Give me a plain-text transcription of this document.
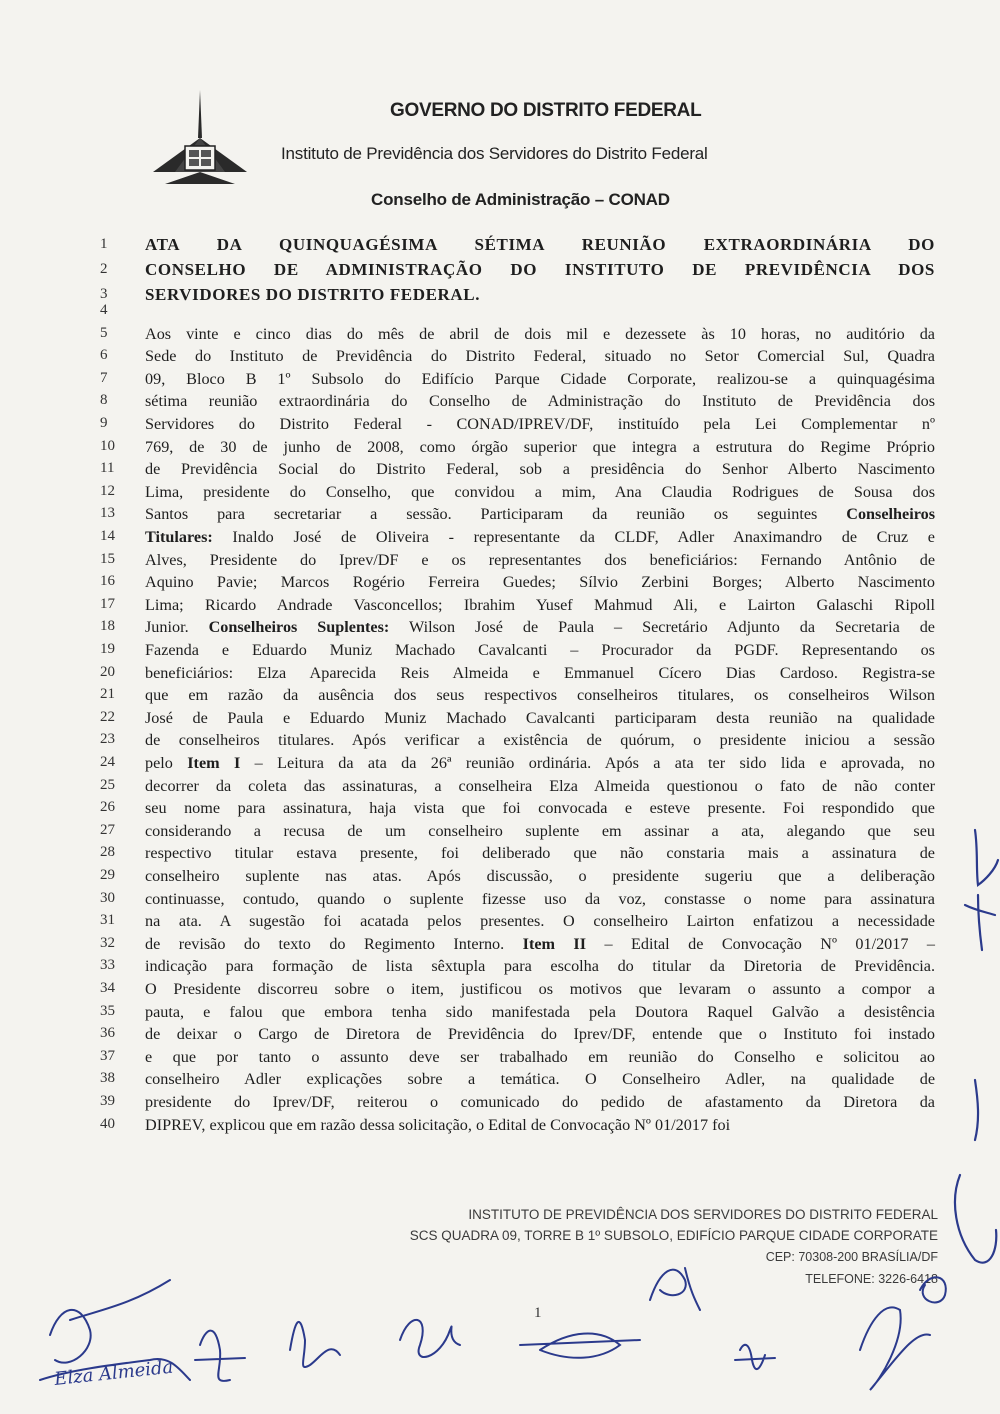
GOVERNO DO DISTRITO FEDERAL
Instituto de Previdência dos Servidores do Distrito Federal
Conselho de Administração – CONAD
1	ATA DA QUINQUAGÉSIMA SÉTIMA REUNIÃO EXTRAORDINÁRIA DO
2	CONSELHO DE ADMINISTRAÇÃO DO INSTITUTO DE PREVIDÊNCIA DOS
3	SERVIDORES DO DISTRITO FEDERAL.
4
5	Aos vinte e cinco dias do mês de abril de dois mil e dezessete às 10 horas, no auditório da
6	Sede do Instituto de Previdência do Distrito Federal, situado no Setor Comercial Sul, Quadra
7	09, Bloco B 1º Subsolo do Edifício Parque Cidade Corporate, realizou-se a quinquagésima
8	sétima reunião extraordinária do Conselho de Administração do Instituto de Previdência dos
9	Servidores do Distrito Federal - CONAD/IPREV/DF, instituído pela Lei Complementar nº
10	769, de 30 de junho de 2008, como órgão superior que integra a estrutura do Regime Próprio
11	de Previdência Social do Distrito Federal, sob a presidência do Senhor Alberto Nascimento
12	Lima, presidente do Conselho, que convidou a mim, Ana Claudia Rodrigues de Sousa dos
13	Santos para secretariar a sessão. Participaram da reunião os seguintes Conselheiros
14	Titulares: Inaldo José de Oliveira - representante da CLDF, Adler Anaximandro de Cruz e
15	Alves, Presidente do Iprev/DF e os representantes dos beneficiários: Fernando Antônio de
16	Aquino Pavie; Marcos Rogério Ferreira Guedes; Sílvio Zerbini Borges; Alberto Nascimento
17	Lima; Ricardo Andrade Vasconcellos; Ibrahim Yusef Mahmud Ali, e Lairton Galaschi Ripoll
18	Junior. Conselheiros Suplentes: Wilson José de Paula – Secretário Adjunto da Secretaria de
19	Fazenda e Eduardo Muniz Machado Cavalcanti – Procurador da PGDF. Representando os
20	beneficiários: Elza Aparecida Reis Almeida e Emmanuel Cícero Dias Cardoso. Registra-se
21	que em razão da ausência dos seus respectivos conselheiros titulares, os conselheiros Wilson
22	José de Paula e Eduardo Muniz Machado Cavalcanti participaram desta reunião na qualidade
23	de conselheiros titulares. Após verificar a existência de quórum, o presidente iniciou a sessão
24	pelo Item I – Leitura da ata da 26ª reunião ordinária. Após a ata ter sido lida e aprovada, no
25	decorrer da coleta das assinaturas, a conselheira Elza Almeida questionou o fato de não conter
26	seu nome para assinatura, haja vista que foi convocada e esteve presente. Foi respondido que
27	considerando a recusa de um conselheiro suplente em assinar a ata, alegando que seu
28	respectivo titular estava presente, foi deliberado que não constaria mais a assinatura de
29	conselheiro suplente nas atas. Após discussão, o presidente sugeriu que a deliberação
30	continuasse, contudo, quando o suplente fizesse uso da voz, constasse o nome para assinatura
31	na ata. A sugestão foi acatada pelos presentes. O conselheiro Lairton enfatizou a necessidade
32	de revisão do texto do Regimento Interno. Item II – Edital de Convocação Nº 01/2017 –
33	indicação para formação de lista sêxtupla para escolha do titular da Diretoria de Previdência.
34	O Presidente discorreu sobre o item, justificou os motivos que levaram o assunto a compor a
35	pauta, e falou que embora tenha sido manifestada pela Doutora Raquel Galvão a desistência
36	de deixar o Cargo de Diretora de Previdência do Iprev/DF, entende que o Instituto foi instado
37	e que por tanto o assunto deve ser trabalhado em reunião do Conselho e solicitou ao
38	conselheiro Adler explicações sobre a temática. O Conselheiro Adler, na qualidade de
39	presidente do Iprev/DF, reiterou o comunicado do pedido de afastamento da Diretora da
40	DIPREV, explicou que em razão dessa solicitação, o Edital de Convocação Nº 01/2017 foi
INSTITUTO DE PREVIDÊNCIA DOS SERVIDORES DO DISTRITO FEDERAL
SCS QUADRA 09, TORRE B 1º SUBSOLO, EDIFÍCIO PARQUE CIDADE CORPORATE
CEP: 70308-200 BRASÍLIA/DF
TELEFONE: 3226-6418
1
Elza Almeida
